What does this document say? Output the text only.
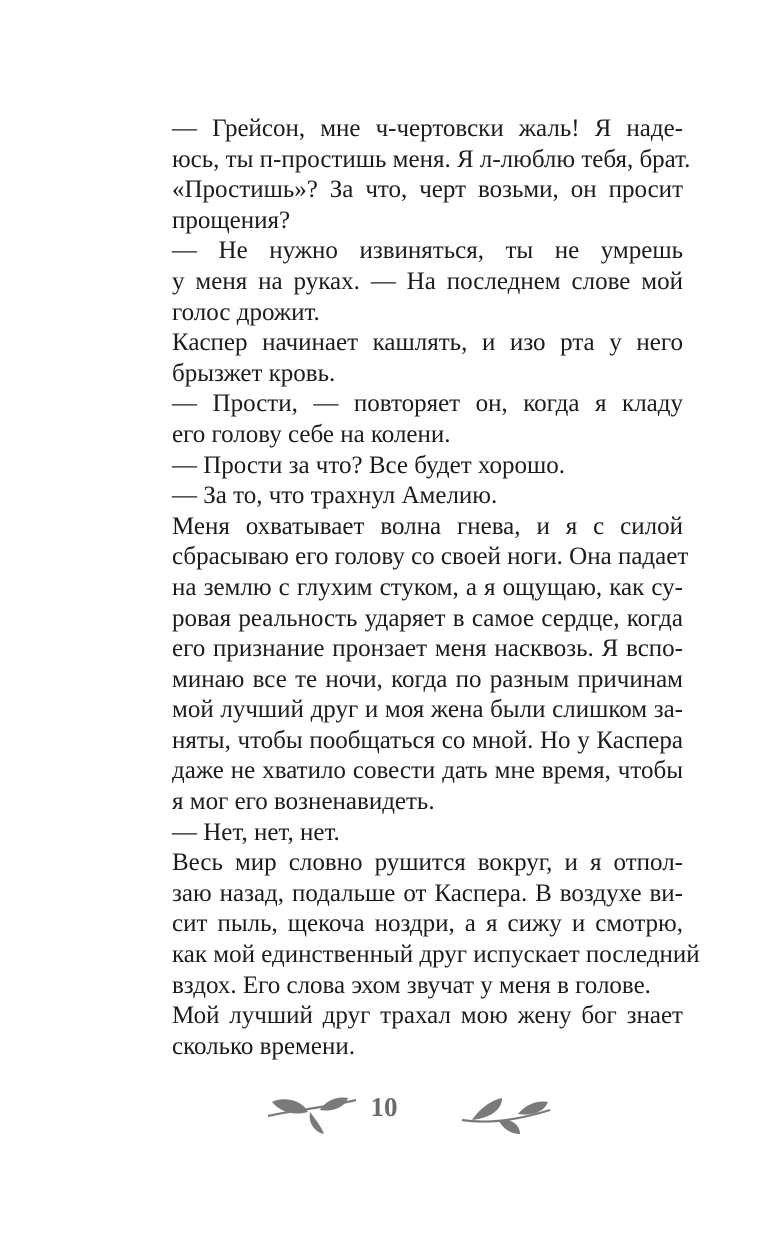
— Грейсон, мне ч-чертовски жаль! Я наде-
юсь, ты п-простишь меня. Я л-люблю тебя, брат.

«Простишь»? За что, черт возьми, он просит
прощения?

— Не нужно извиняться, ты не умрешь
у меня на руках. — На последнем слове мой
голос дрожит.

Каспер начинает кашлять, и изо рта у него
брызжет кровь.

— Прости, — повторяет он, когда я кладу
его голову себе на колени.

— Прости за что? Все будет хорошо.

— За то, что трахнул Амелию.

Меня охватывает волна гнева, и я с силой
сбрасываю его голову со своей ноги. Она падает
на землю с глухим стуком, а я ощущаю, как су-
ровая реальность ударяет в самое сердце, когда
его признание пронзает меня насквозь. Я вспо-
минаю все те ночи, когда по разным причинам
мой лучший друг и моя жена были слишком за-
няты, чтобы пообщаться со мной. Но у Каспера
даже не хватило совести дать мне время, чтобы
я мог его возненавидеть.

— Нет, нет, нет.

Весь мир словно рушится вокруг, и я отпол-
заю назад, подальше от Каспера. В воздухе ви-
сит пыль, щекоча ноздри, а я сижу и смотрю,
как мой единственный друг испускает последний
вздох. Его слова эхом звучат у меня в голове.

Мой лучший друг трахал мою жену бог знает
сколько времени.

10
